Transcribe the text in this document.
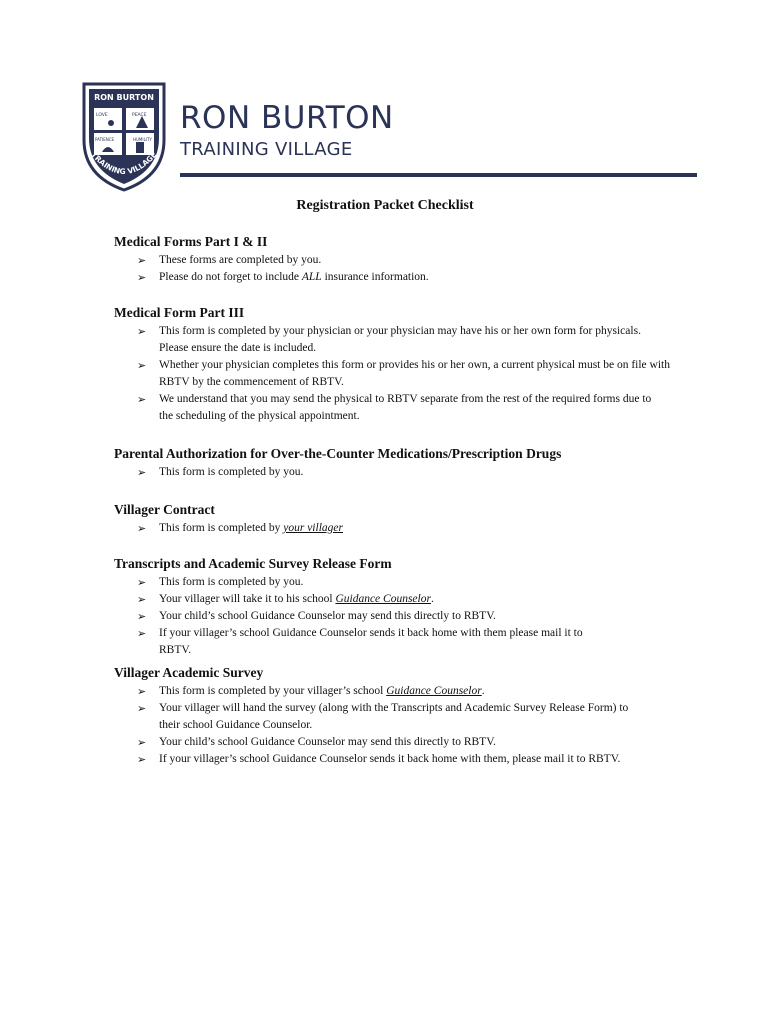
RON BURTON
LOVE	PEACE
PATIENCE	HUMILITY
TRAINING VILLAGE
RON BURTON
TRAINING VILLAGE
Registration Packet Checklist
Medical Forms Part I & II
➢ These forms are completed by you.
➢ Please do not forget to include ALL insurance information.
Medical Form Part III
➢ This form is completed by your physician or your physician may have his or her own form for physicals.
Please ensure the date is included.
➢ Whether your physician completes this form or provides his or her own, a current physical must be on file with
RBTV by the commencement of RBTV.
➢ We understand that you may send the physical to RBTV separate from the rest of the required forms due to
the scheduling of the physical appointment.
Parental Authorization for Over-the-Counter Medications/Prescription Drugs
➢ This form is completed by you.
Villager Contract
➢ This form is completed by your villager
Transcripts and Academic Survey Release Form
➢ This form is completed by you.
➢ Your villager will take it to his school Guidance Counselor.
➢ Your child’s school Guidance Counselor may send this directly to RBTV.
➢ If your villager’s school Guidance Counselor sends it back home with them please mail it to
RBTV.
Villager Academic Survey
➢ This form is completed by your villager’s school Guidance Counselor.
➢ Your villager will hand the survey (along with the Transcripts and Academic Survey Release Form) to
their school Guidance Counselor.
➢ Your child’s school Guidance Counselor may send this directly to RBTV.
➢ If your villager’s school Guidance Counselor sends it back home with them, please mail it to RBTV.
